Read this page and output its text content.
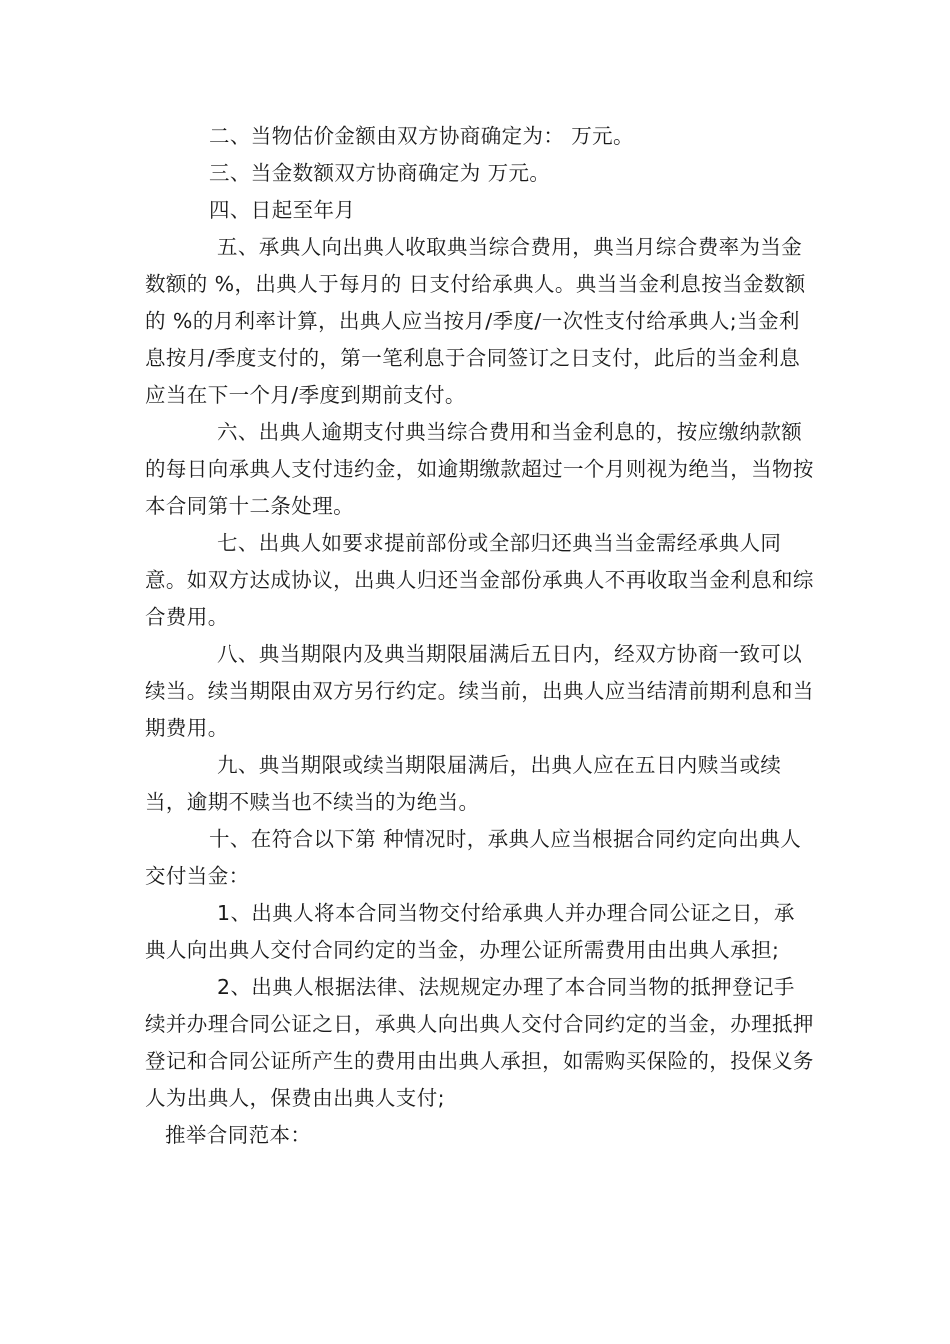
二、当物估价金额由双方协商确定为： 万元。

三、当金数额双方协商确定为 万元。

四、日起至年月

五、承典人向出典人收取典当综合费用，典当月综合费率为当金数额的 %，出典人于每月的 日支付给承典人。典当当金利息按当金数额的 %的月利率计算，出典人应当按月/季度/一次性支付给承典人;当金利息按月/季度支付的，第一笔利息于合同签订之日支付，此后的当金利息应当在下一个月/季度到期前支付。

六、出典人逾期支付典当综合费用和当金利息的，按应缴纳款额的每日向承典人支付违约金，如逾期缴款超过一个月则视为绝当，当物按本合同第十二条处理。

七、出典人如要求提前部份或全部归还典当当金需经承典人同意。如双方达成协议，出典人归还当金部份承典人不再收取当金利息和综合费用。

八、典当期限内及典当期限届满后五日内，经双方协商一致可以续当。续当期限由双方另行约定。续当前，出典人应当结清前期利息和当期费用。

九、典当期限或续当期限届满后，出典人应在五日内赎当或续当，逾期不赎当也不续当的为绝当。

十、在符合以下第 种情况时，承典人应当根据合同约定向出典人交付当金：

1、出典人将本合同当物交付给承典人并办理合同公证之日，承典人向出典人交付合同约定的当金，办理公证所需费用由出典人承担;

2、出典人根据法律、法规规定办理了本合同当物的抵押登记手续并办理合同公证之日，承典人向出典人交付合同约定的当金，办理抵押登记和合同公证所产生的费用由出典人承担，如需购买保险的，投保义务人为出典人，保费由出典人支付;

推举合同范本：
